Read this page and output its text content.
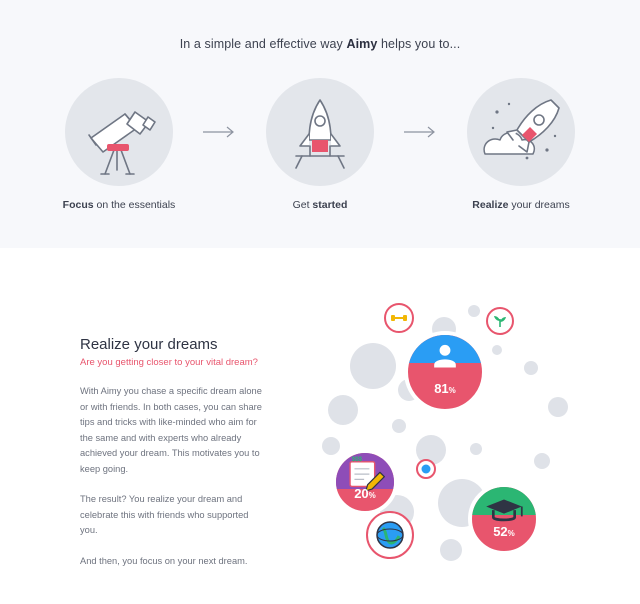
In a simple and effective way Aimy helps you to...
Focus on the essentials	Get started	Realize your dreams
Realize your dreams
Are you getting closer to your vital dream?

With Aimy you chase a specific dream alone or with friends. In both cases, you can share tips and tricks with like-minded who aim for the same and with experts who already achieved your dream. This motivates you to keep going.

The result? You realize your dream and celebrate this with friends who supported you.

And then, you focus on your next dream.

81%
52%
$$$
20%
